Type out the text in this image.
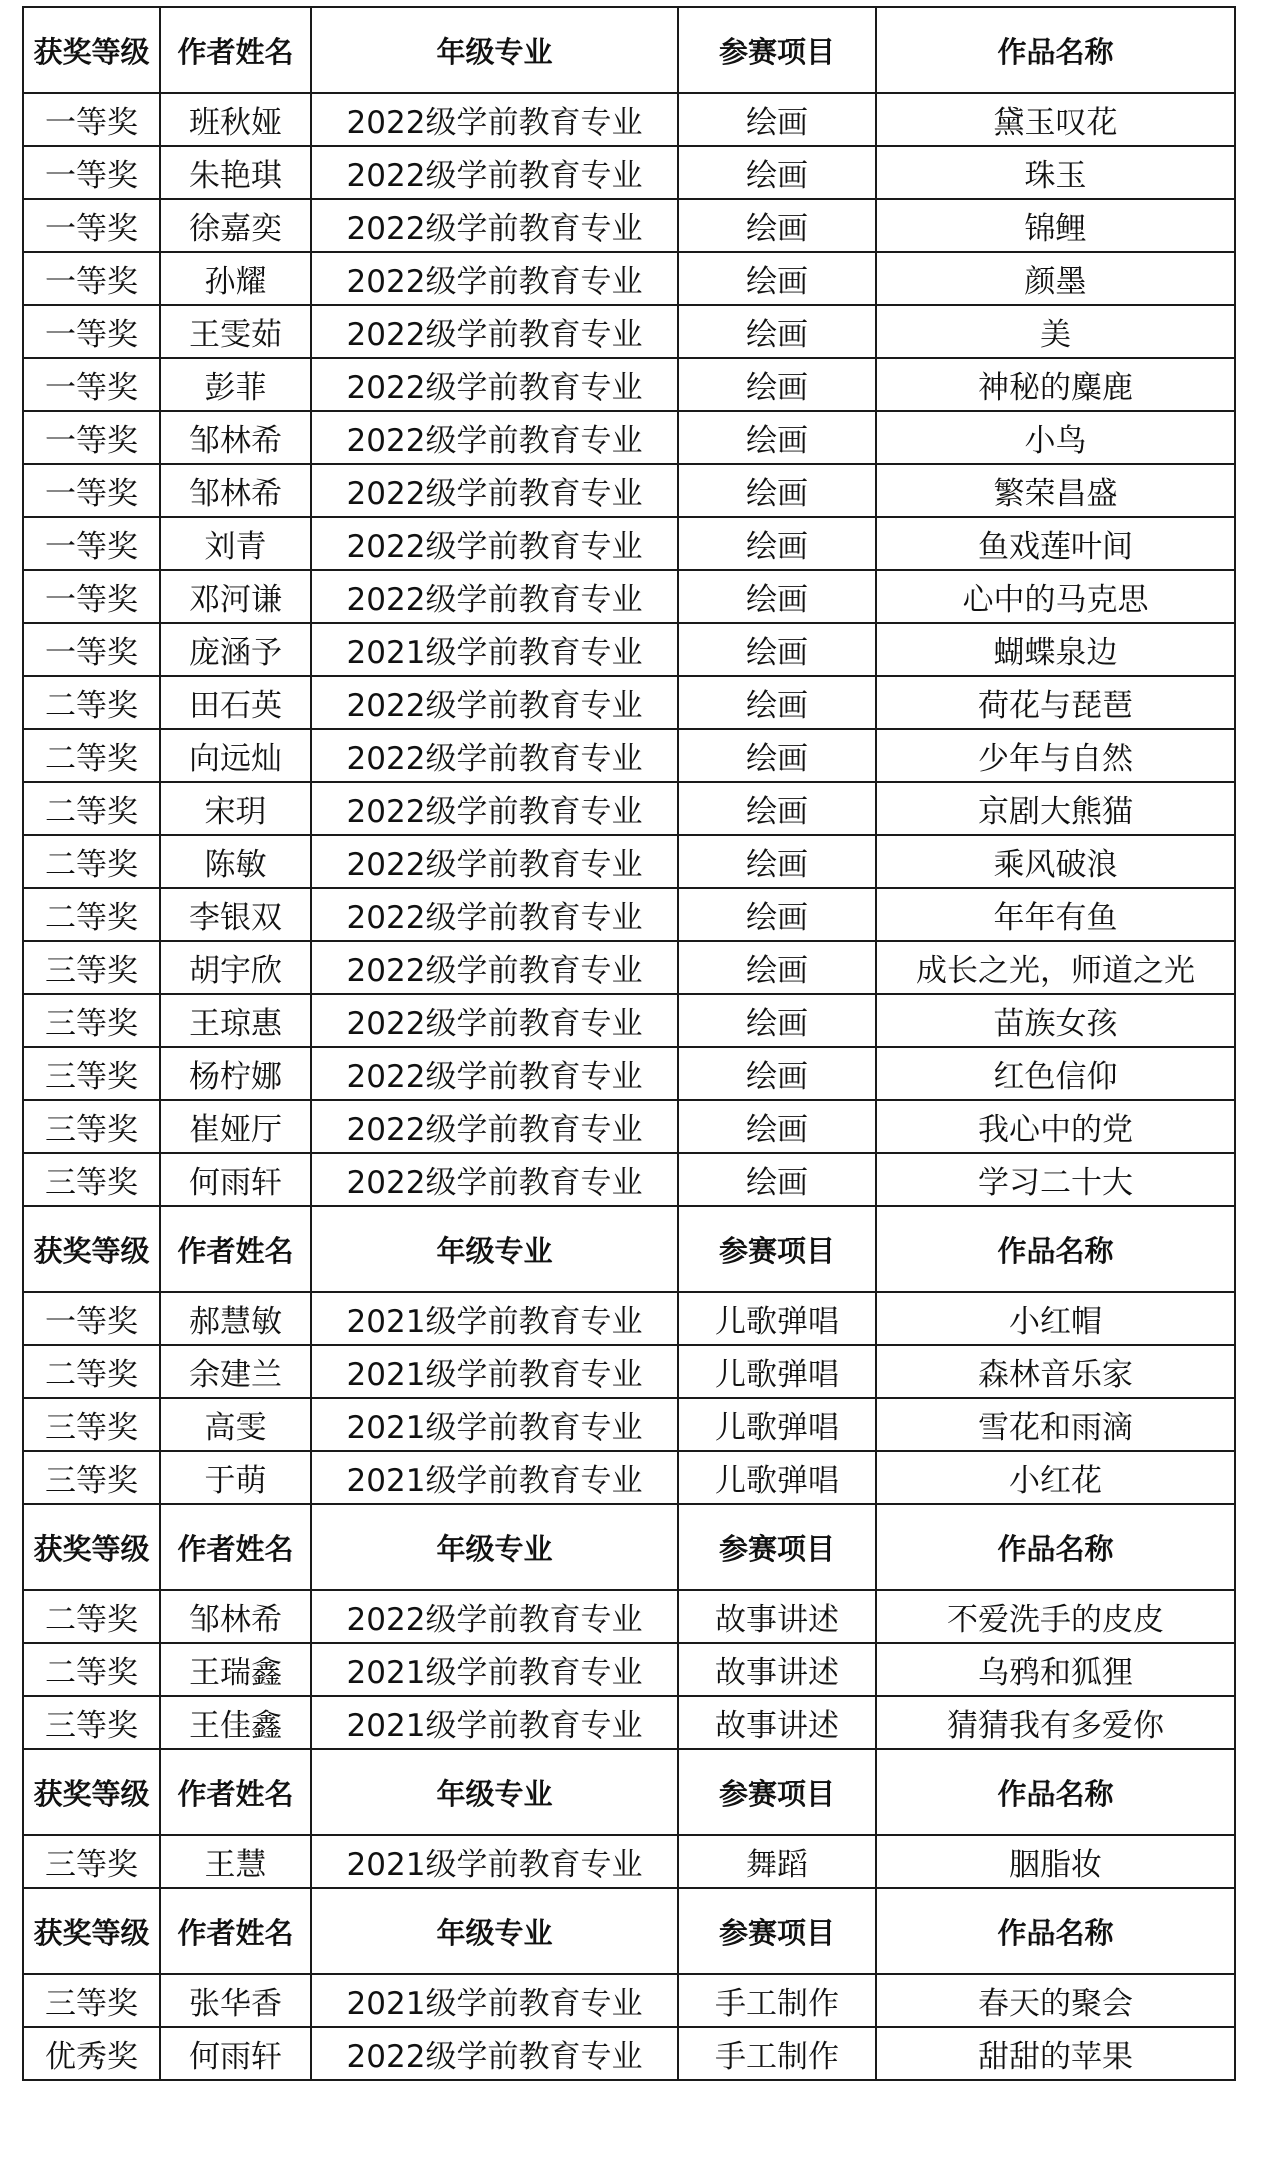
获奖等级	作者姓名	年级专业	参赛项目	作品名称
一等奖	班秋娅	2022级学前教育专业	绘画	黛玉叹花
一等奖	朱艳琪	2022级学前教育专业	绘画	珠玉
一等奖	徐嘉奕	2022级学前教育专业	绘画	锦鲤
一等奖	孙耀	2022级学前教育专业	绘画	颜墨
一等奖	王雯茹	2022级学前教育专业	绘画	美
一等奖	彭菲	2022级学前教育专业	绘画	神秘的麋鹿
一等奖	邹林希	2022级学前教育专业	绘画	小鸟
一等奖	邹林希	2022级学前教育专业	绘画	繁荣昌盛
一等奖	刘青	2022级学前教育专业	绘画	鱼戏莲叶间
一等奖	邓河谦	2022级学前教育专业	绘画	心中的马克思
一等奖	庞涵予	2021级学前教育专业	绘画	蝴蝶泉边
二等奖	田石英	2022级学前教育专业	绘画	荷花与琵琶
二等奖	向远灿	2022级学前教育专业	绘画	少年与自然
二等奖	宋玥	2022级学前教育专业	绘画	京剧大熊猫
二等奖	陈敏	2022级学前教育专业	绘画	乘风破浪
二等奖	李银双	2022级学前教育专业	绘画	年年有鱼
三等奖	胡宇欣	2022级学前教育专业	绘画	成长之光，师道之光
三等奖	王琼惠	2022级学前教育专业	绘画	苗族女孩
三等奖	杨柠娜	2022级学前教育专业	绘画	红色信仰
三等奖	崔娅厅	2022级学前教育专业	绘画	我心中的党
三等奖	何雨轩	2022级学前教育专业	绘画	学习二十大
获奖等级	作者姓名	年级专业	参赛项目	作品名称
一等奖	郝慧敏	2021级学前教育专业	儿歌弹唱	小红帽
二等奖	余建兰	2021级学前教育专业	儿歌弹唱	森林音乐家
三等奖	高雯	2021级学前教育专业	儿歌弹唱	雪花和雨滴
三等奖	于萌	2021级学前教育专业	儿歌弹唱	小红花
获奖等级	作者姓名	年级专业	参赛项目	作品名称
二等奖	邹林希	2022级学前教育专业	故事讲述	不爱洗手的皮皮
二等奖	王瑞鑫	2021级学前教育专业	故事讲述	乌鸦和狐狸
三等奖	王佳鑫	2021级学前教育专业	故事讲述	猜猜我有多爱你
获奖等级	作者姓名	年级专业	参赛项目	作品名称
三等奖	王慧	2021级学前教育专业	舞蹈	胭脂妆
获奖等级	作者姓名	年级专业	参赛项目	作品名称
三等奖	张华香	2021级学前教育专业	手工制作	春天的聚会
优秀奖	何雨轩	2022级学前教育专业	手工制作	甜甜的苹果
